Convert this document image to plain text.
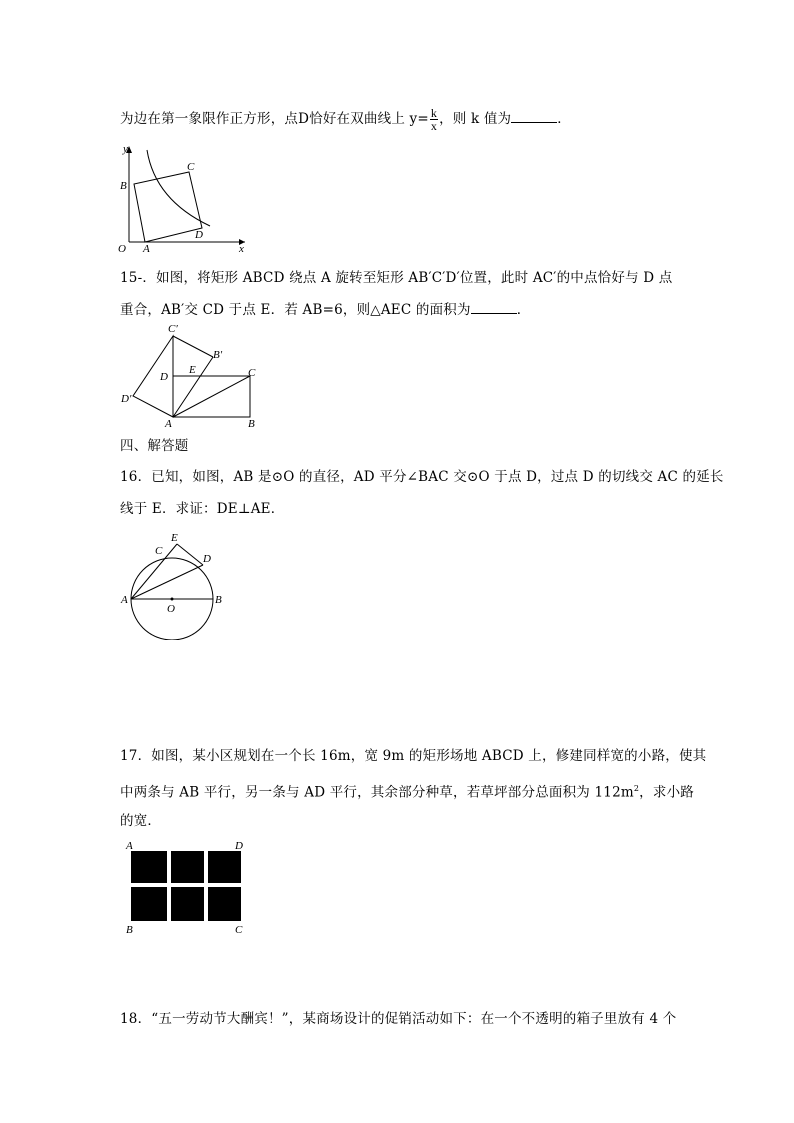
为边在第一象限作正方形，点D恰好在双曲线上 $y= \frac{k}{x}$ ，则 k 值为	．
y
x
O A
B
C
D
15-．如图，将矩形 ABCD 绕点 A 旋转至矩形 AB′C′D′位置，此时 AC′的中点恰好与 D 点
重合，AB′交 CD 于点 E．若 AB=6，则△AEC 的面积为	．
C′
B′
D
E	C
D′
A	B
四、解答题
16．已知，如图，AB 是⊙O 的直径，AD 平分∠BAC 交⊙O 于点 D，过点 D 的切线交 AC 的延长
线于 E．求证：DE⊥AE．
E
C
D
A
O
B
17．如图，某小区规划在一个长 16m，宽 9m 的矩形场地 ABCD 上，修建同样宽的小路，使其
中两条与 AB 平行，另一条与 AD 平行，其余部分种草，若草坪部分总面积为 $112m^2$，求小路
的宽．
A	D
B	C
18．“五一劳动节大酬宾！”，某商场设计的促销活动如下：在一个不透明的箱子里放有 4 个
